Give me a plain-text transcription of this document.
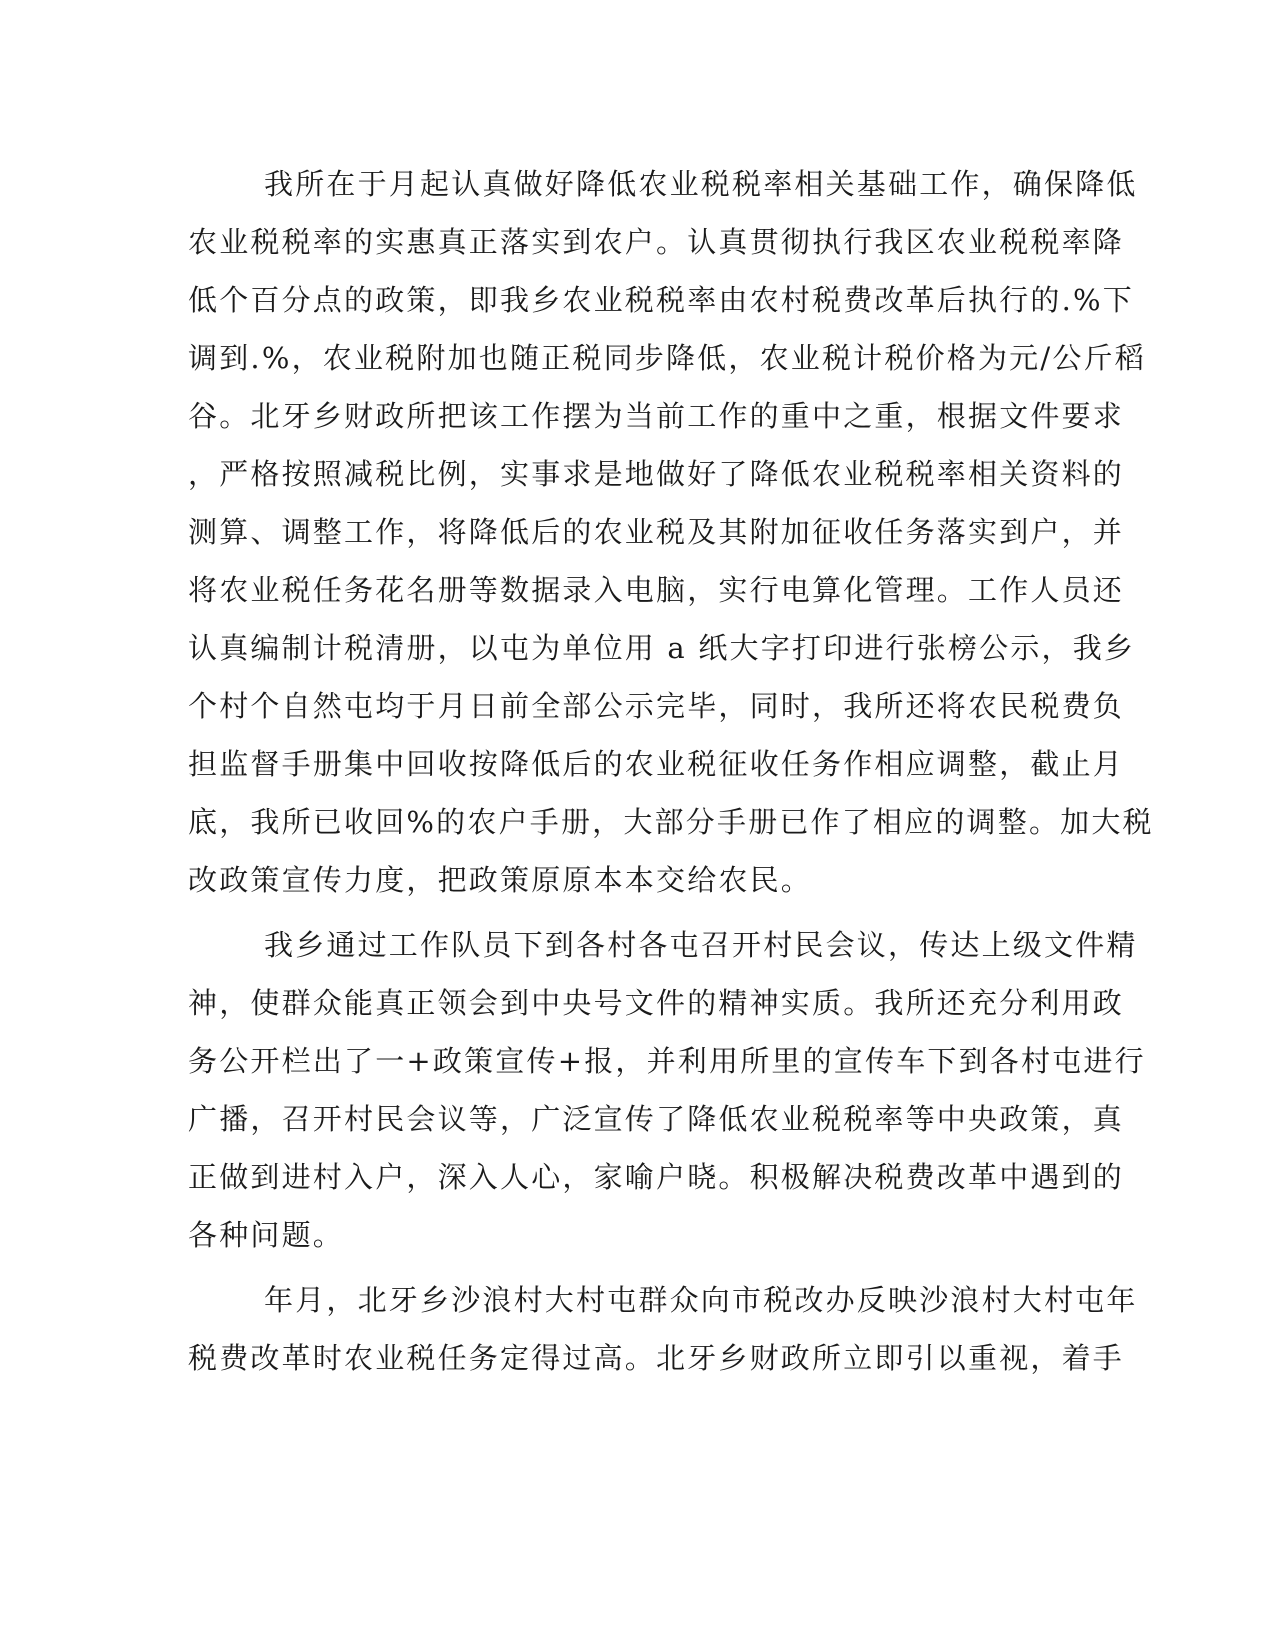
我所在于月起认真做好降低农业税税率相关基础工作，确保降低
农业税税率的实惠真正落实到农户。认真贯彻执行我区农业税税率降
低个百分点的政策，即我乡农业税税率由农村税费改革后执行的.%下
调到.%，农业税附加也随正税同步降低，农业税计税价格为元/公斤稻
谷。北牙乡财政所把该工作摆为当前工作的重中之重，根据文件要求
，严格按照减税比例，实事求是地做好了降低农业税税率相关资料的
测算、调整工作，将降低后的农业税及其附加征收任务落实到户，并
将农业税任务花名册等数据录入电脑，实行电算化管理。工作人员还
认真编制计税清册，以屯为单位用 a 纸大字打印进行张榜公示，我乡
个村个自然屯均于月日前全部公示完毕，同时，我所还将农民税费负
担监督手册集中回收按降低后的农业税征收任务作相应调整，截止月
底，我所已收回%的农户手册，大部分手册已作了相应的调整。加大税
改政策宣传力度，把政策原原本本交给农民。
我乡通过工作队员下到各村各屯召开村民会议，传达上级文件精
神，使群众能真正领会到中央号文件的精神实质。我所还充分利用政
务公开栏出了一+政策宣传+报，并利用所里的宣传车下到各村屯进行
广播，召开村民会议等，广泛宣传了降低农业税税率等中央政策，真
正做到进村入户，深入人心，家喻户晓。积极解决税费改革中遇到的
各种问题。
年月，北牙乡沙浪村大村屯群众向市税改办反映沙浪村大村屯年
税费改革时农业税任务定得过高。北牙乡财政所立即引以重视，着手
